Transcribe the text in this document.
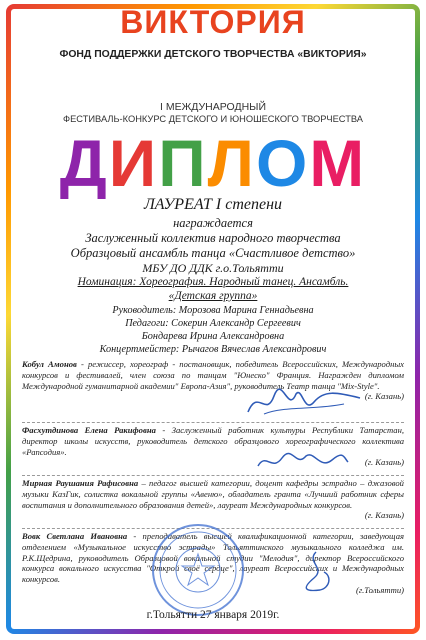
ВИКТОРИЯ
ФОНД ПОДДЕРЖКИ ДЕТСКОГО ТВОРЧЕСТВА «ВИКТОРИЯ»
I МЕЖДУНАРОДНЫЙ
ФЕСТИВАЛЬ-КОНКУРС ДЕТСКОГО И ЮНОШЕСКОГО ТВОРЧЕСТВА
ДИПЛОМ
ЛАУРЕАТ I степени
награждается
Заслуженный коллектив народного творчества
Образцовый ансамбль танца «Счастливое детство»
МБУ ДО ДДК г.о.Тольятти
Номинация: Хореография. Народный танец. Ансамбль.
«Детская группа»
Руководитель: Морозова Марина Геннадьевна
Педагоги: Сокерин Александр Сергеевич
Бондарева Ирина Александровна
Концертмейстер: Рычагов Вячеслав Александрович
Кобул Амонов - режиссер, хореограф - постановщик, победитель Всероссийских, Международных конкурсов и фестивалей, член союза по танцам "Юнеско" Франция. Награжден дипломом Международной гуманитарной академии" Европа-Азия", руководитель Театр танца "Mix-Style".
(г. Казань)
Фасхутдинова Елена Ракифовна - Заслуженный работник культуры Республики Татарстан, директор школы искусств, руководитель детского образцового хореографического коллектива «Рапсодия».
(г. Казань)
Мирная Раушания Рафисовна – педагог высшей категории, доцент кафедры эстрадно – джазовой музыки КазГик, солистка вокальной группы «Авеню», обладатель гранта «Лучший работник сферы воспитания и дополнительного образования детей», лауреат Международных конкурсов.
(г. Казань)
Вовк Светлана Ивановна - преподаватель высшей квалификационной категории, заведующая отделением «Музыкальное искусство эстрады» Тольяттинского музыкального колледжа им. Р.К.Щедрина, руководитель Образцовой вокальной студии "Мелодия", директор Всероссийского конкурса вокального искусства "Открой своё сердце", лауреат Всероссийских и Международных конкурсов.
(г.Тольятти)
г.Тольятти 27 января 2019г.
